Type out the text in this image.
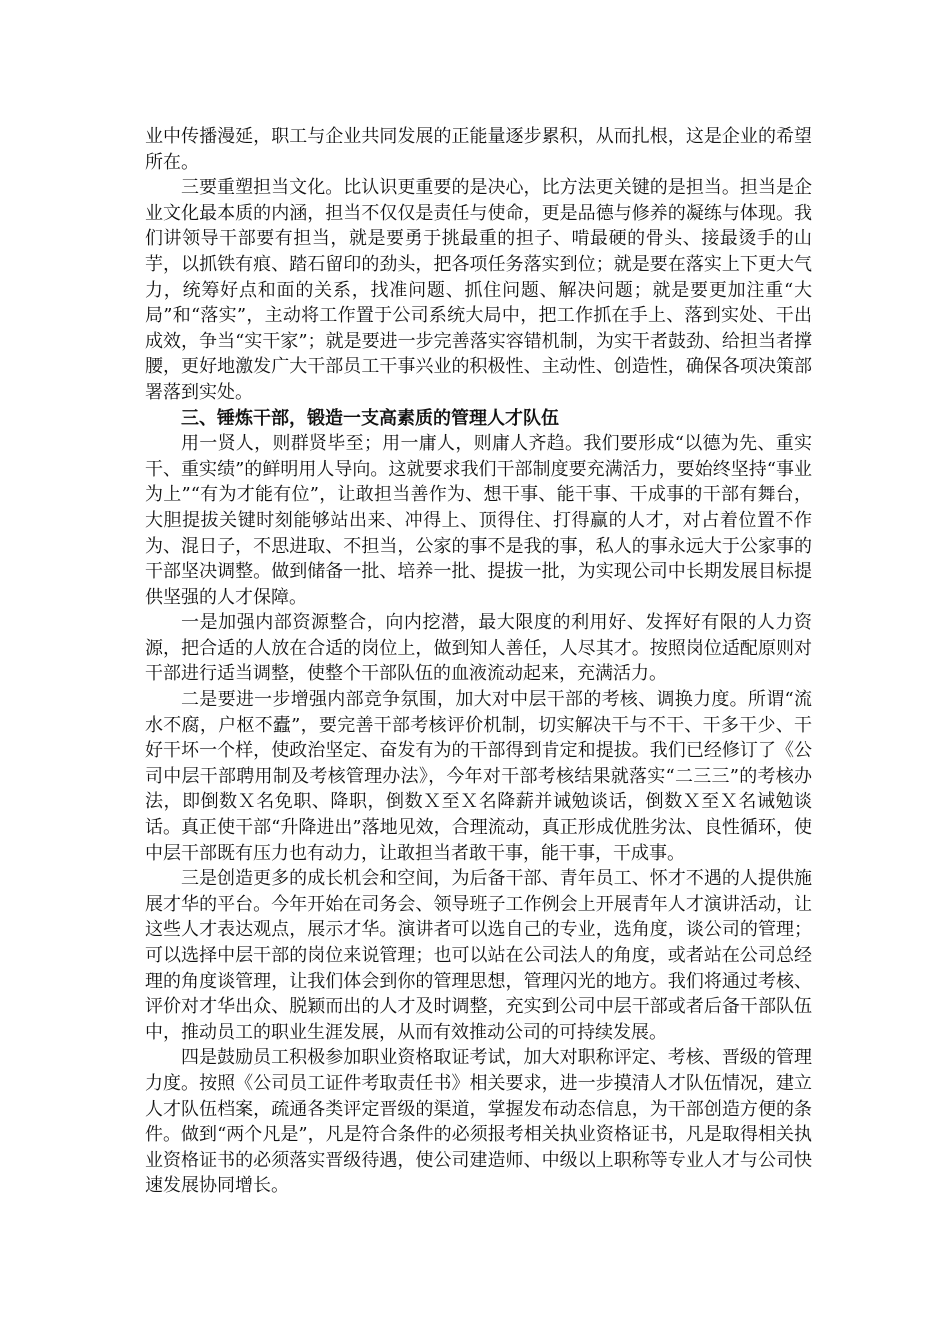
业中传播漫延，职工与企业共同发展的正能量逐步累积，从而扎根，这是企业的希望所在。

三要重塑担当文化。比认识更重要的是决心，比方法更关键的是担当。担当是企业文化最本质的内涵，担当不仅仅是责任与使命，更是品德与修养的凝练与体现。我们讲领导干部要有担当，就是要勇于挑最重的担子、啃最硬的骨头、接最烫手的山芋，以抓铁有痕、踏石留印的劲头，把各项任务落实到位；就是要在落实上下更大气力，统筹好点和面的关系，找准问题、抓住问题、解决问题；就是要更加注重“大局”和“落实”，主动将工作置于公司系统大局中，把工作抓在手上、落到实处、干出成效，争当“实干家”；就是要进一步完善落实容错机制，为实干者鼓劲、给担当者撑腰，更好地激发广大干部员工干事兴业的积极性、主动性、创造性，确保各项决策部署落到实处。

三、锤炼干部，锻造一支高素质的管理人才队伍

用一贤人，则群贤毕至；用一庸人，则庸人齐趋。我们要形成“以德为先、重实干、重实绩”的鲜明用人导向。这就要求我们干部制度要充满活力，要始终坚持“事业为上”“有为才能有位”，让敢担当善作为、想干事、能干事、干成事的干部有舞台，大胆提拔关键时刻能够站出来、冲得上、顶得住、打得赢的人才，对占着位置不作为、混日子，不思进取、不担当，公家的事不是我的事，私人的事永远大于公家事的干部坚决调整。做到储备一批、培养一批、提拔一批，为实现公司中长期发展目标提供坚强的人才保障。

一是加强内部资源整合，向内挖潜，最大限度的利用好、发挥好有限的人力资源，把合适的人放在合适的岗位上，做到知人善任，人尽其才。按照岗位适配原则对干部进行适当调整，使整个干部队伍的血液流动起来，充满活力。

二是要进一步增强内部竞争氛围，加大对中层干部的考核、调换力度。所谓“流水不腐，户枢不蠹”，要完善干部考核评价机制，切实解决干与不干、干多干少、干好干坏一个样，使政治坚定、奋发有为的干部得到肯定和提拔。我们已经修订了《公司中层干部聘用制及考核管理办法》，今年对干部考核结果就落实“二三三”的考核办法，即倒数Ｘ名免职、降职，倒数Ｘ至Ｘ名降薪并诫勉谈话，倒数Ｘ至Ｘ名诫勉谈话。真正使干部“升降进出”落地见效，合理流动，真正形成优胜劣汰、良性循环，使中层干部既有压力也有动力，让敢担当者敢干事，能干事，干成事。

三是创造更多的成长机会和空间，为后备干部、青年员工、怀才不遇的人提供施展才华的平台。今年开始在司务会、领导班子工作例会上开展青年人才演讲活动，让这些人才表达观点，展示才华。演讲者可以选自己的专业，选角度，谈公司的管理；可以选择中层干部的岗位来说管理；也可以站在公司法人的角度，或者站在公司总经理的角度谈管理，让我们体会到你的管理思想，管理闪光的地方。我们将通过考核、评价对才华出众、脱颖而出的人才及时调整，充实到公司中层干部或者后备干部队伍中，推动员工的职业生涯发展，从而有效推动公司的可持续发展。

四是鼓励员工积极参加职业资格取证考试，加大对职称评定、考核、晋级的管理力度。按照《公司员工证件考取责任书》相关要求，进一步摸清人才队伍情况，建立人才队伍档案，疏通各类评定晋级的渠道，掌握发布动态信息，为干部创造方便的条件。做到“两个凡是”，凡是符合条件的必须报考相关执业资格证书，凡是取得相关执业资格证书的必须落实晋级待遇，使公司建造师、中级以上职称等专业人才与公司快速发展协同增长。
